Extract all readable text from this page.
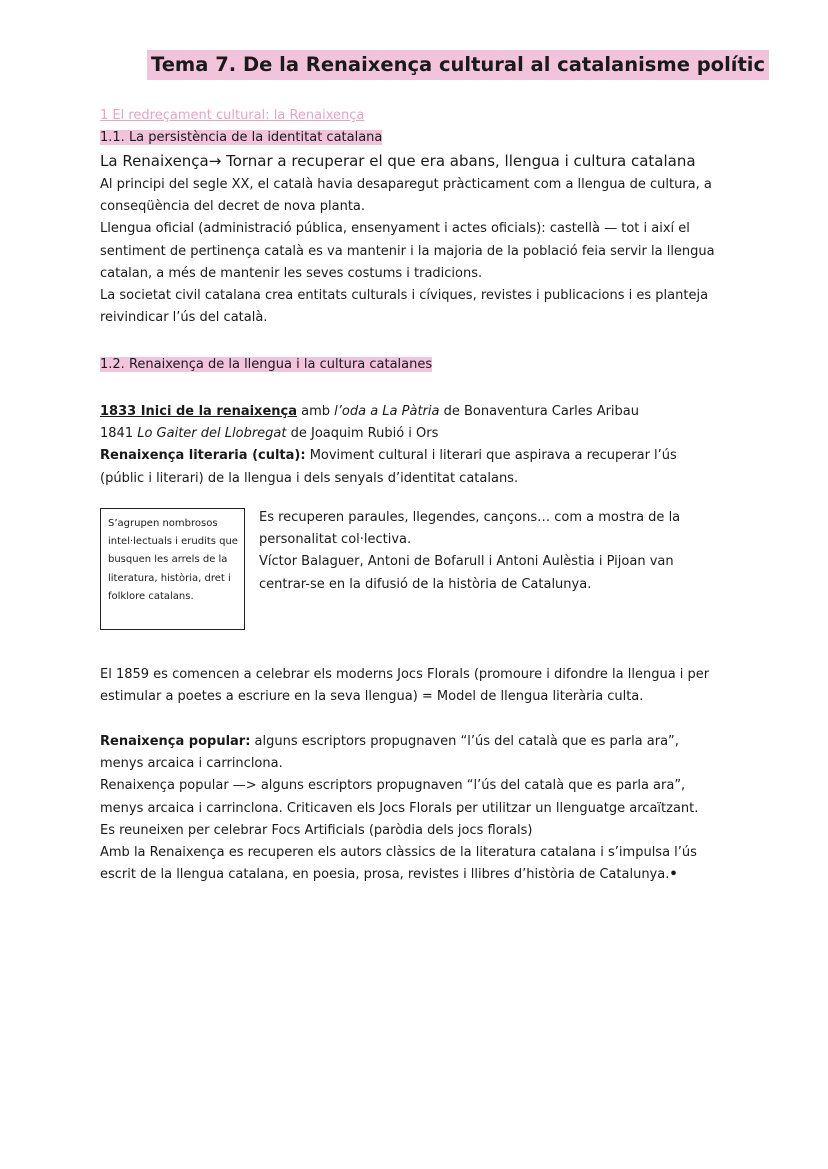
Tema 7. De la Renaixença cultural al catalanisme polític
1 El redreçament cultural: la Renaixença
1.1. La persistència de la identitat catalana
La Renaixença→ Tornar a recuperar el que era abans, llengua i cultura catalana

Al principi del segle XX, el català havia desaparegut pràcticament com a llengua de cultura, a conseqüència del decret de nova planta.

Llengua oficial (administració pública, ensenyament i actes oficials): castellà — tot i així el sentiment de pertinença català es va mantenir i la majoria de la població feia servir la llengua catalan, a més de mantenir les seves costums i tradicions.

La societat civil catalana crea entitats culturals i cíviques, revistes i publicacions i es planteja reivindicar l’ús del català.

1.2. Renaixença de la llengua i la cultura catalanes

1833 Inici de la renaixença amb l’oda a La Pàtria de Bonaventura Carles Aribau

1841 Lo Gaiter del Llobregat de Joaquim Rubió i Ors

Renaixença literaria (culta): Moviment cultural i literari que aspirava a recuperar l’ús (públic i literari) de la llengua i dels senyals d’identitat catalans.

S’agrupen nombrosos intel·lectuals i erudits que busquen les arrels de la literatura, història, dret i folklore catalans.

Es recuperen paraules, llegendes, cançons… com a mostra de la personalitat col·lectiva.

Víctor Balaguer, Antoni de Bofarull i Antoni Aulèstia i Pijoan van centrar-se en la difusió de la història de Catalunya.

El 1859 es comencen a celebrar els moderns Jocs Florals (promoure i difondre la llengua i per estimular a poetes a escriure en la seva llengua) = Model de llengua literària culta.

Renaixença popular: alguns escriptors propugnaven “l’ús del català que es parla ara”, menys arcaica i carrinclona.

Renaixença popular —> alguns escriptors propugnaven “l’ús del català que es parla ara”, menys arcaica i carrinclona. Criticaven els Jocs Florals per utilitzar un llenguatge arcaïtzant.

Es reuneixen per celebrar Focs Artificials (paròdia dels jocs florals)

Amb la Renaixença es recuperen els autors clàssics de la literatura catalana i s’impulsa l’ús escrit de la llengua catalana, en poesia, prosa, revistes i llibres d’història de Catalunya.•
